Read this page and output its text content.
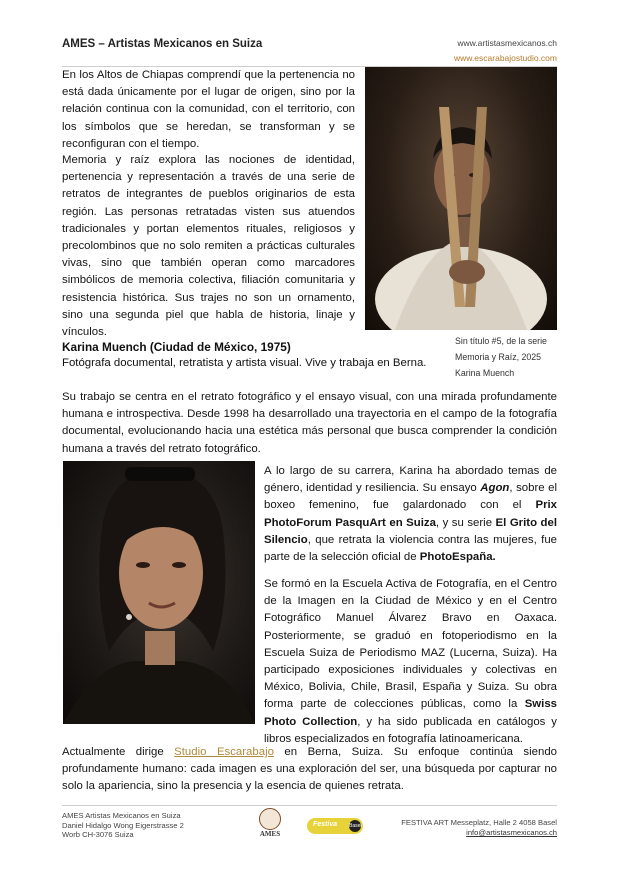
AMES – Artistas Mexicanos en Suiza	www.artistasmexicanos.ch
www.escarabajostudio.com
En los Altos de Chiapas comprendí que la pertenencia no está dada únicamente por el lugar de origen, sino por la relación continua con la comunidad, con el territorio, con los símbolos que se heredan, se transforman y se reconfiguran con el tiempo.
Memoria y raíz explora las nociones de identidad, pertenencia y representación a través de una serie de retratos de integrantes de pueblos originarios de esta región. Las personas retratadas visten sus atuendos tradicionales y portan elementos rituales, religiosos y precolombinos que no solo remiten a prácticas culturales vivas, sino que también operan como marcadores simbólicos de memoria colectiva, filiación comunitaria y resistencia histórica. Sus trajes no son un ornamento, sino una segunda piel que habla de historia, linaje y vínculos.
Sin título #5, de la serie
Memoria y Raíz, 2025
Karina Muench
Karina Muench (Ciudad de México, 1975)
Fotógrafa documental, retratista y artista visual. Vive y trabaja en Berna.
Su trabajo se centra en el retrato fotográfico y el ensayo visual, con una mirada profundamente humana e introspectiva. Desde 1998 ha desarrollado una trayectoria en el campo de la fotografía documental, evolucionando hacia una estética más personal que busca comprender la condición humana a través del retrato fotográfico.
A lo largo de su carrera, Karina ha abordado temas de género, identidad y resiliencia. Su ensayo Agon, sobre el boxeo femenino, fue galardonado con el Prix PhotoForum PasquArt en Suiza, y su serie El Grito del Silencio, que retrata la violencia contra las mujeres, fue parte de la selección oficial de PhotoEspaña.
Se formó en la Escuela Activa de Fotografía, en el Centro de la Imagen en la Ciudad de México y en el Centro Fotográfico Manuel Álvarez Bravo en Oaxaca. Posteriormente, se graduó en fotoperiodismo en la Escuela Suiza de Periodismo MAZ (Lucerna, Suiza). Ha participado exposiciones individuales y colectivas en México, Bolivia, Chile, Brasil, España y Suiza. Su obra forma parte de colecciones públicas, como la Swiss Photo Collection, y ha sido publicada en catálogos y libros especializados en fotografía latinoamericana.
Actualmente dirige Studio Escarabajo en Berna, Suiza. Su enfoque continúa siendo profundamente humano: cada imagen es una exploración del ser, una búsqueda por capturar no solo la apariencia, sino la presencia y la esencia de quienes retrata.
AMES Artistas Mexicanos en Suiza
Daniel Hidalgo Wong Eigerstrasse 2
Worb CH-3076 Suiza	AMES
Festiva Basel	FESTIVA ART Messeplatz, Halle 2 4058 Basel
info@artistasmexicanos.ch
